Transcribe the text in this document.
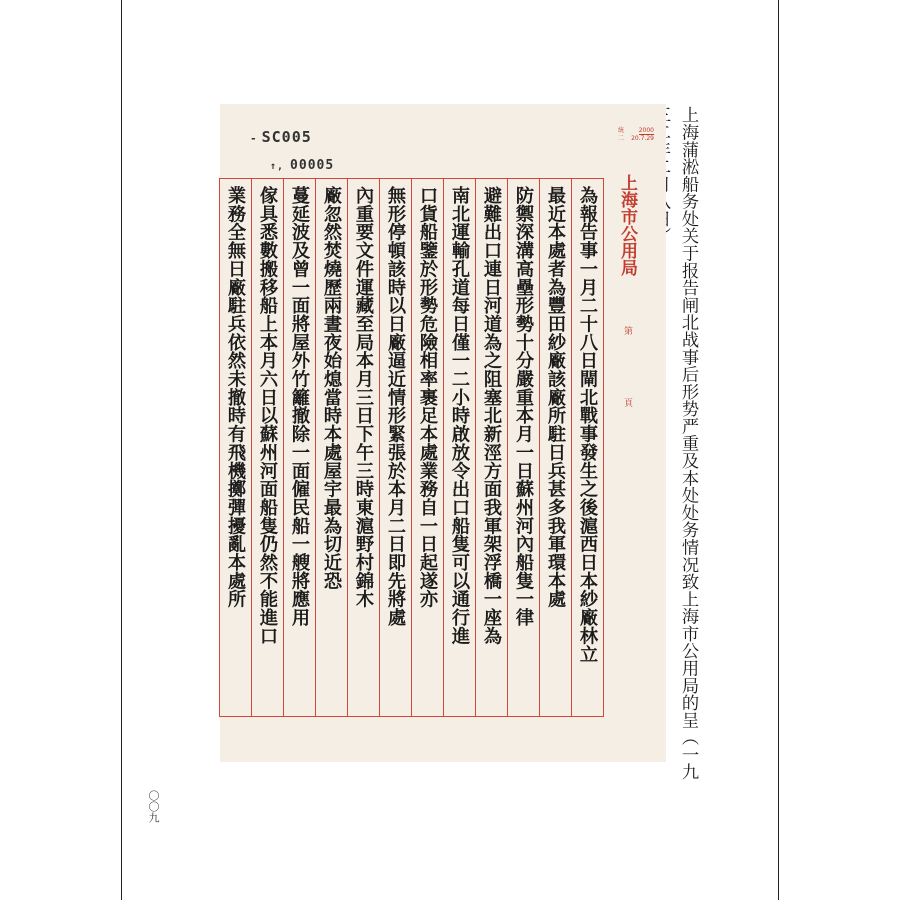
上海蒲淞船务处关于报告闸北战事后形势严重及本处处务情况致上海市公用局的呈（一九
〇〇九
- SC005
↑, 00005
統 2000
二 20.7.29
上海市公用局
第
頁
為報告事一月二十八日閘北戰事發生之後滬西日本紗廠林立
最近本處者為豐田紗廠該廠所駐日兵甚多我軍環本處
防禦深溝高壘形勢十分嚴重本月一日蘇州河內船隻一律
避難出口連日河道為之阻塞北新涇方面我軍架浮橋一座為
南北運輸孔道每日僅一二小時啟放令出口船隻可以通行進
口貨船鑒於形勢危險相率裹足本處業務自一日起遂亦
無形停頓該時以日廠逼近情形緊張於本月二日即先將處
內重要文件運藏至局本月三日下午三時東滬野村錦木
廠忽然焚燒歷兩晝夜始熄當時本處屋宇最為切近恐
蔓延波及曾一面將屋外竹籬撤除一面僱民船一艘將應用
傢具悉數搬移船上本月六日以蘇州河面船隻仍然不能進口
業務全無日廠駐兵依然未撤時有飛機擲彈擾亂本處所
